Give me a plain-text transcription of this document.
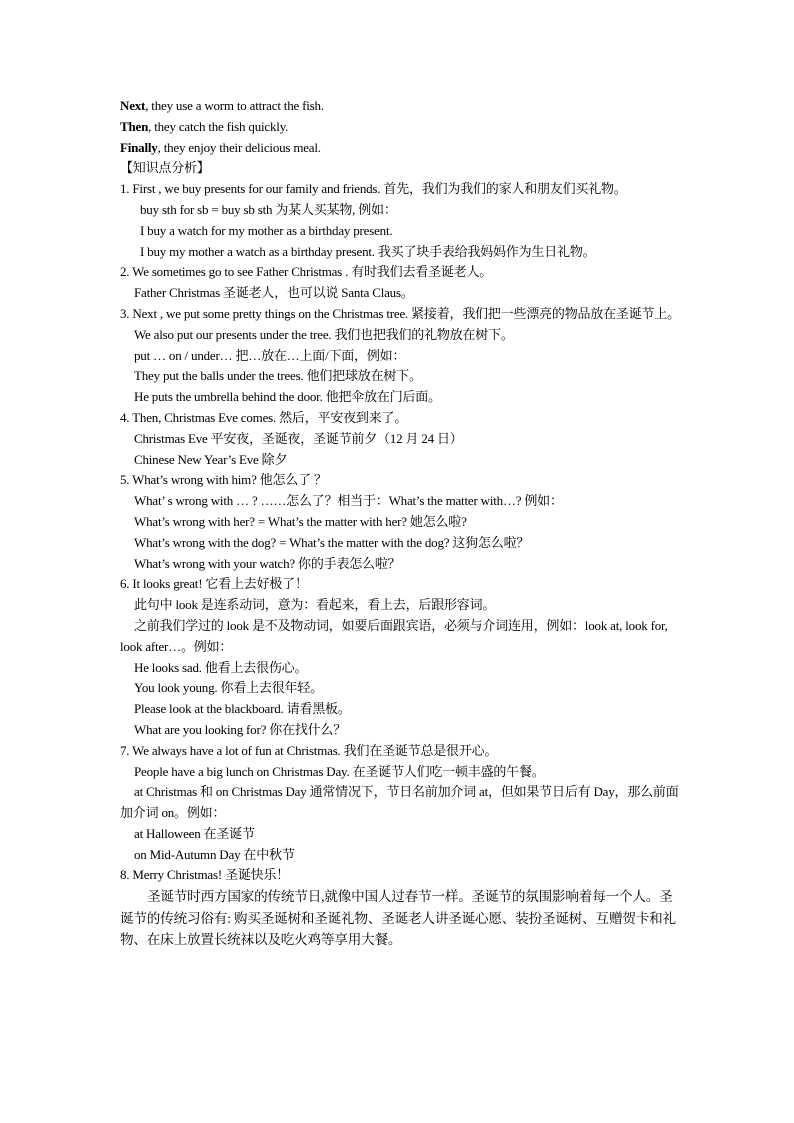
Next, they use a worm to attract the fish.
Then, they catch the fish quickly.
Finally, they enjoy their delicious meal.
【知识点分析】
1. First , we buy presents for our family and friends. 首先，我们为我们的家人和朋友们买礼物。
buy sth for sb = buy sb sth 为某人买某物, 例如：
I buy a watch for my mother as a birthday present.
I buy my mother a watch as a birthday present. 我买了块手表给我妈妈作为生日礼物。
2. We sometimes go to see Father Christmas . 有时我们去看圣诞老人。
Father Christmas 圣诞老人，也可以说 Santa Claus。
3. Next , we put some pretty things on the Christmas tree. 紧接着，我们把一些漂亮的物品放在圣诞节上。
We also put our presents under the tree. 我们也把我们的礼物放在树下。
put … on / under… 把…放在…上面/下面，例如：
They put the balls under the trees. 他们把球放在树下。
He puts the umbrella behind the door. 他把伞放在门后面。
4. Then, Christmas Eve comes. 然后，平安夜到来了。
Christmas Eve 平安夜，圣诞夜，圣诞节前夕（12 月 24 日）
Chinese New Year’s Eve 除夕
5. What’s wrong with him? 他怎么了 ？
What’ s wrong with … ? ……怎么了？相当于：What’s the matter with…? 例如：
What’s wrong with her? = What’s the matter with her? 她怎么啦?
What’s wrong with the dog? = What’s the matter with the dog? 这狗怎么啦？
What’s wrong with your watch? 你的手表怎么啦？
6. It looks great! 它看上去好极了！
此句中 look 是连系动词，意为：看起来，看上去，后跟形容词。
之前我们学过的 look 是不及物动词，如要后面跟宾语，必须与介词连用，例如：look at, look for, look after…。例如：
He looks sad. 他看上去很伤心。
You look young. 你看上去很年轻。
Please look at the blackboard. 请看黑板。
What are you looking for? 你在找什么？
7. We always have a lot of fun at Christmas. 我们在圣诞节总是很开心。
People have a big lunch on Christmas Day. 在圣诞节人们吃一顿丰盛的午餐。
at Christmas 和 on Christmas Day 通常情况下，节日名前加介词 at，但如果节日后有 Day，那么前面加介词 on。例如：
at Halloween 在圣诞节
on Mid-Autumn Day 在中秋节
8. Merry Christmas! 圣诞快乐！
圣诞节时西方国家的传统节日,就像中国人过春节一样。圣诞节的氛围影响着每一个人。圣诞节的传统习俗有: 购买圣诞树和圣诞礼物、圣诞老人讲圣诞心愿、装扮圣诞树、互赠贺卡和礼物、在床上放置长统袜以及吃火鸡等享用大餐。
